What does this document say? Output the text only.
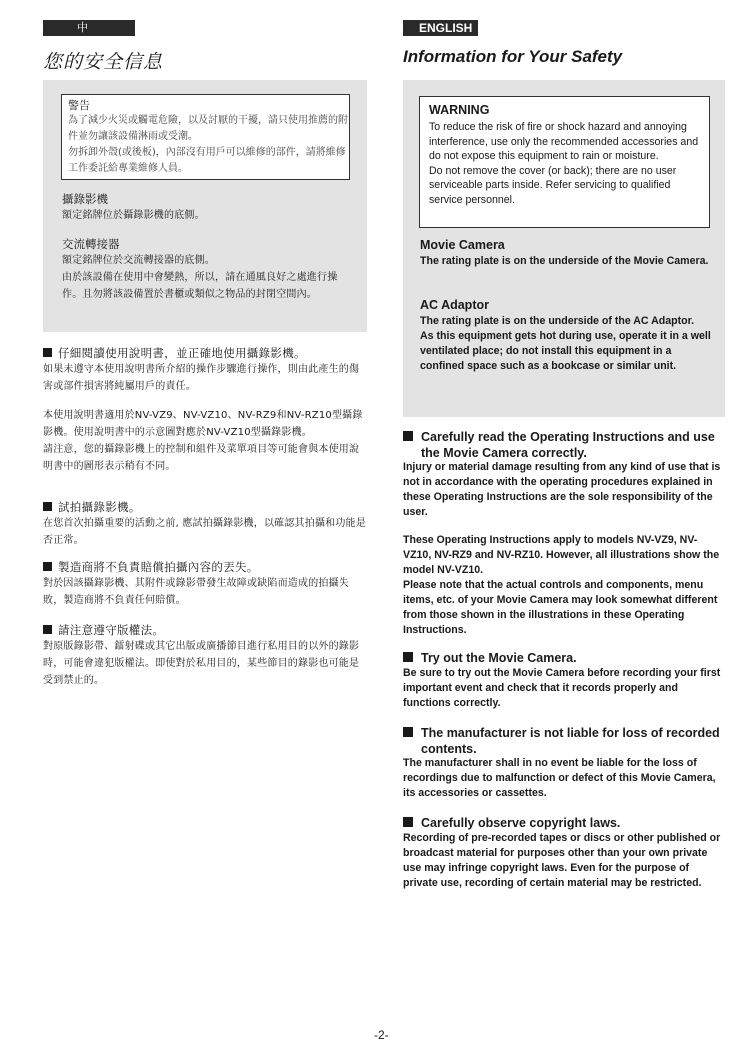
中 文
您的安全信息
警告
為了減少火災或觸電危險，以及討厭的干擾，請只使用推薦的附件並勿讓該設備淋雨或受潮。
勿拆卸外殼(或後板)，內部沒有用戶可以維修的部件，請將維修工作委託給專業維修人員。
攝錄影機
額定銘牌位於攝錄影機的底側。
交流轉接器
額定銘牌位於交流轉接器的底側。
由於該設備在使用中會變熱，所以，請在通風良好之處進行操作。且勿將該設備置於書櫃或類似之物品的封閉空間內。
仔細閱讀使用說明書，並正確地使用攝錄影機。
如果未遵守本使用說明書所介紹的操作步驟進行操作，則由此產生的傷害或部件損害將純屬用戶的責任。
本使用說明書適用於NV-VZ9、NV-VZ10、NV-RZ9和NV-RZ10型攝錄影機。使用說明書中的示意圖對應於NV-VZ10型攝錄影機。
請注意，您的攝錄影機上的控制和組件及菜單項目等可能會與本使用說明書中的圖形表示稍有不同。
試拍攝錄影機。
在您首次拍攝重要的活動之前, 應試拍攝錄影機，以確認其拍攝和功能是否正常。
製造商將不負責賠償拍攝內容的丟失。
對於因該攝錄影機、其附件或錄影帶發生故障或缺陷而造成的拍攝失敗，製造商將不負責任何賠償。
請注意遵守版權法。
對原版錄影帶、鐳射碟或其它出版或廣播節目進行私用目的以外的錄影時，可能會違犯版權法。即使對於私用目的，某些節目的錄影也可能是受到禁止的。
ENGLISH
Information for Your Safety
WARNING
To reduce the risk of fire or shock hazard and annoying interference, use only the recommended accessories and do not expose this equipment to rain or moisture.
Do not remove the cover (or back); there are no user serviceable parts inside. Refer servicing to qualified service personnel.
Movie Camera
The rating plate is on the underside of the Movie Camera.
AC Adaptor
The rating plate is on the underside of the AC Adaptor.
As this equipment gets hot during use, operate it in a well ventilated place; do not install this equipment in a confined space such as a bookcase or similar unit.
Carefully read the Operating Instructions and use the Movie Camera correctly.
Injury or material damage resulting from any kind of use that is not in accordance with the operating procedures explained in these Operating Instructions are the sole responsibility of the user.
These Operating Instructions apply to models NV-VZ9, NV-VZ10, NV-RZ9 and NV-RZ10. However, all illustrations show the model NV-VZ10.
Please note that the actual controls and components, menu items, etc. of your Movie Camera may look somewhat different from those shown in the illustrations in these Operating Instructions.
Try out the Movie Camera.
Be sure to try out the Movie Camera before recording your first important event and check that it records properly and functions correctly.
The manufacturer is not liable for loss of recorded contents.
The manufacturer shall in no event be liable for the loss of recordings due to malfunction or defect of this Movie Camera, its accessories or cassettes.
Carefully observe copyright laws.
Recording of pre-recorded tapes or discs or other published or broadcast material for purposes other than your own private use may infringe copyright laws. Even for the purpose of private use, recording of certain material may be restricted.
-2-
